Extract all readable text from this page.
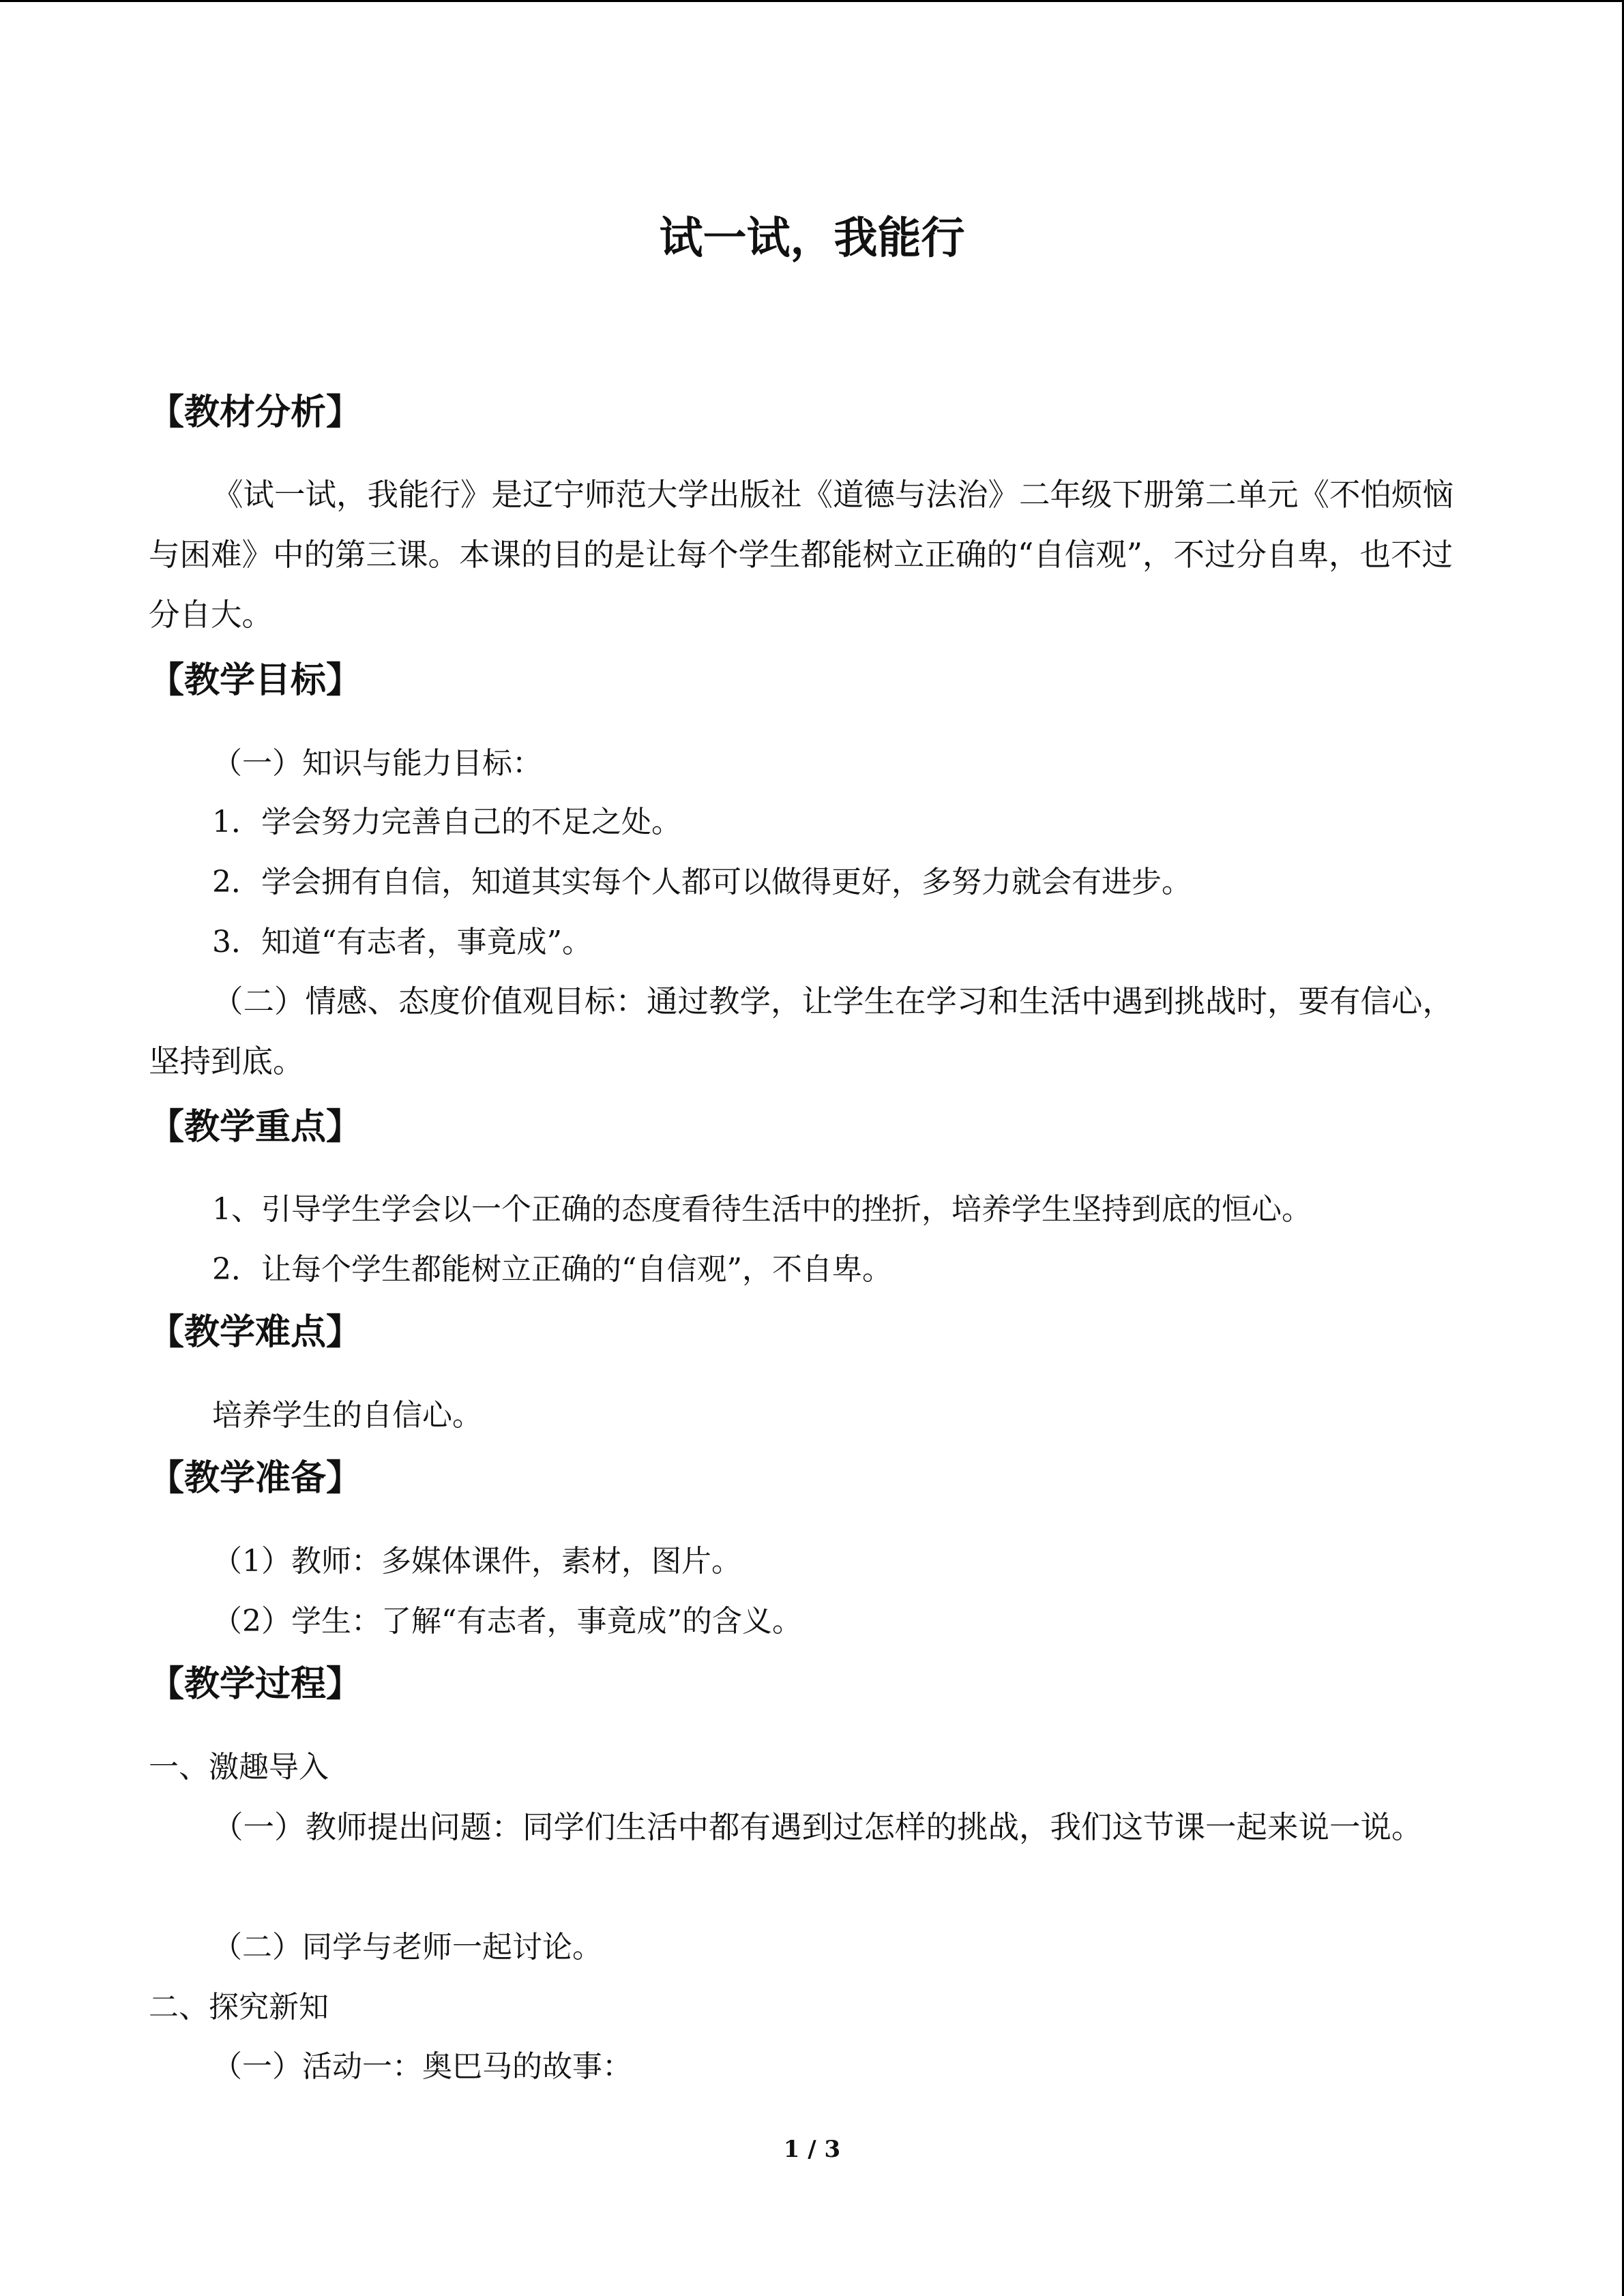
试一试，我能行
【教材分析】
《试一试，我能行》是辽宁师范大学出版社《道德与法治》二年级下册第二单元《不怕烦恼与困难》中的第三课。本课的目的是让每个学生都能树立正确的“自信观”，不过分自卑，也不过分自大。
【教学目标】
（一）知识与能力目标：
1．学会努力完善自己的不足之处。
2．学会拥有自信，知道其实每个人都可以做得更好，多努力就会有进步。
3．知道“有志者，事竟成”。
（二）情感、态度价值观目标：通过教学，让学生在学习和生活中遇到挑战时，要有信心，坚持到底。
【教学重点】
1、引导学生学会以一个正确的态度看待生活中的挫折，培养学生坚持到底的恒心。
2．让每个学生都能树立正确的“自信观”，不自卑。
【教学难点】
培养学生的自信心。
【教学准备】
（1）教师：多媒体课件，素材，图片。
（2）学生：了解“有志者，事竟成”的含义。
【教学过程】
一、激趣导入
（一）教师提出问题：同学们生活中都有遇到过怎样的挑战，我们这节课一起来说一说。
（二）同学与老师一起讨论。
二、探究新知
（一）活动一：奥巴马的故事：
1 / 3
